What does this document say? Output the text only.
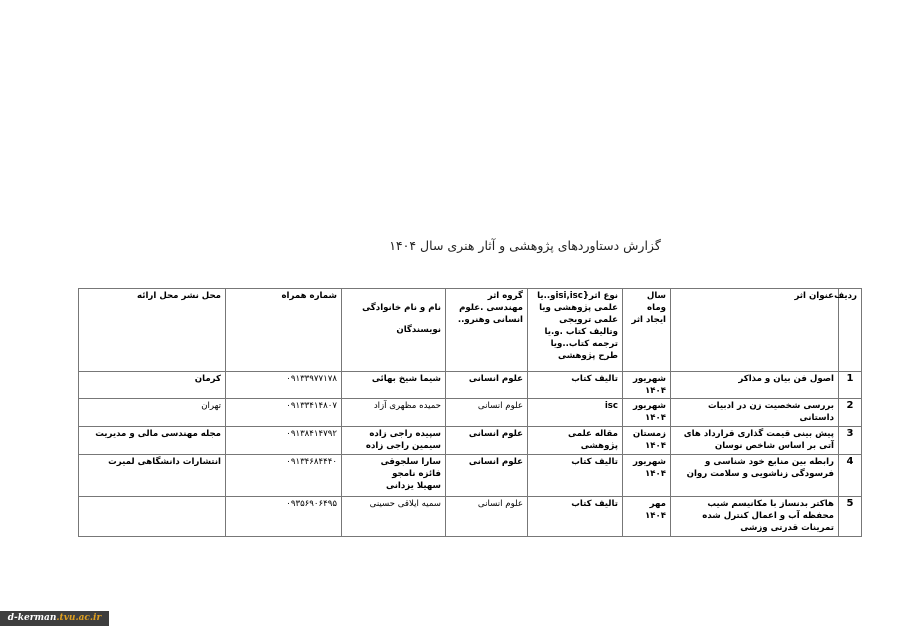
گزارش دستاوردهای پژوهشی و آثار هنری سال ۱۴۰۴
ردیف	عنوان اثر	سال وماه ایجاد اثر	نوع اثر{isi,iscو..یا علمی پژوهشی ویا علمی ترویجی وتالیف کتاب .و.یا ترجمه کتاب..ویا طرح پژوهشی	گروه اثر مهندسی .علوم انسانی وهنرو..	نام و نام خانوادگی
نویسندگان	شماره همراه	محل نشر محل ارائه
1	اصول فن بیان و مذاکر	شهریور ۱۴۰۴	تالیف کتاب	علوم انسانی	شیما شیخ بهائی	۰۹۱۳۳۹۷۷۱۷۸	کرمان
2	بررسی شخصیت زن در ادبیات داستانی	شهریور ۱۴۰۴	isc	علوم انسانی	حمیده مظهری آزاد	۰۹۱۳۳۴۱۴۸۰۷	تهران
3	پیش بینی قیمت گذاری قرارداد های آتی بر اساس شاخص نوسان	زمستان ۱۴۰۴	مقاله علمی پژوهشی	علوم انسانی	سپیده راجی زاده
سیمین راجی زاده	۰۹۱۳۸۴۱۴۷۹۲	مجله مهندسی مالی و مدیریت
4	رابطه بین منابع خود شناسی و فرسودگی زناشویی و سلامت روان	شهریور ۱۴۰۴	تالیف کتاب	علوم انسانی	سارا سلجوقی
فائزه نامجو
سهیلا یزدانی	۰۹۱۳۴۶۸۴۴۴۰	انتشارات دانشگاهی لمیرت
5	هاکتر بدنساز با مکانیسم شیب محفظه آب و اعمال کنترل شده تمرینات قدرتی وزشی	مهر ۱۴۰۴	تالیف کتاب	علوم انسانی	سمیه ایلاقی حسینی	۰۹۳۵۶۹۰۶۴۹۵	
d-kerman.tvu.ac.ir
